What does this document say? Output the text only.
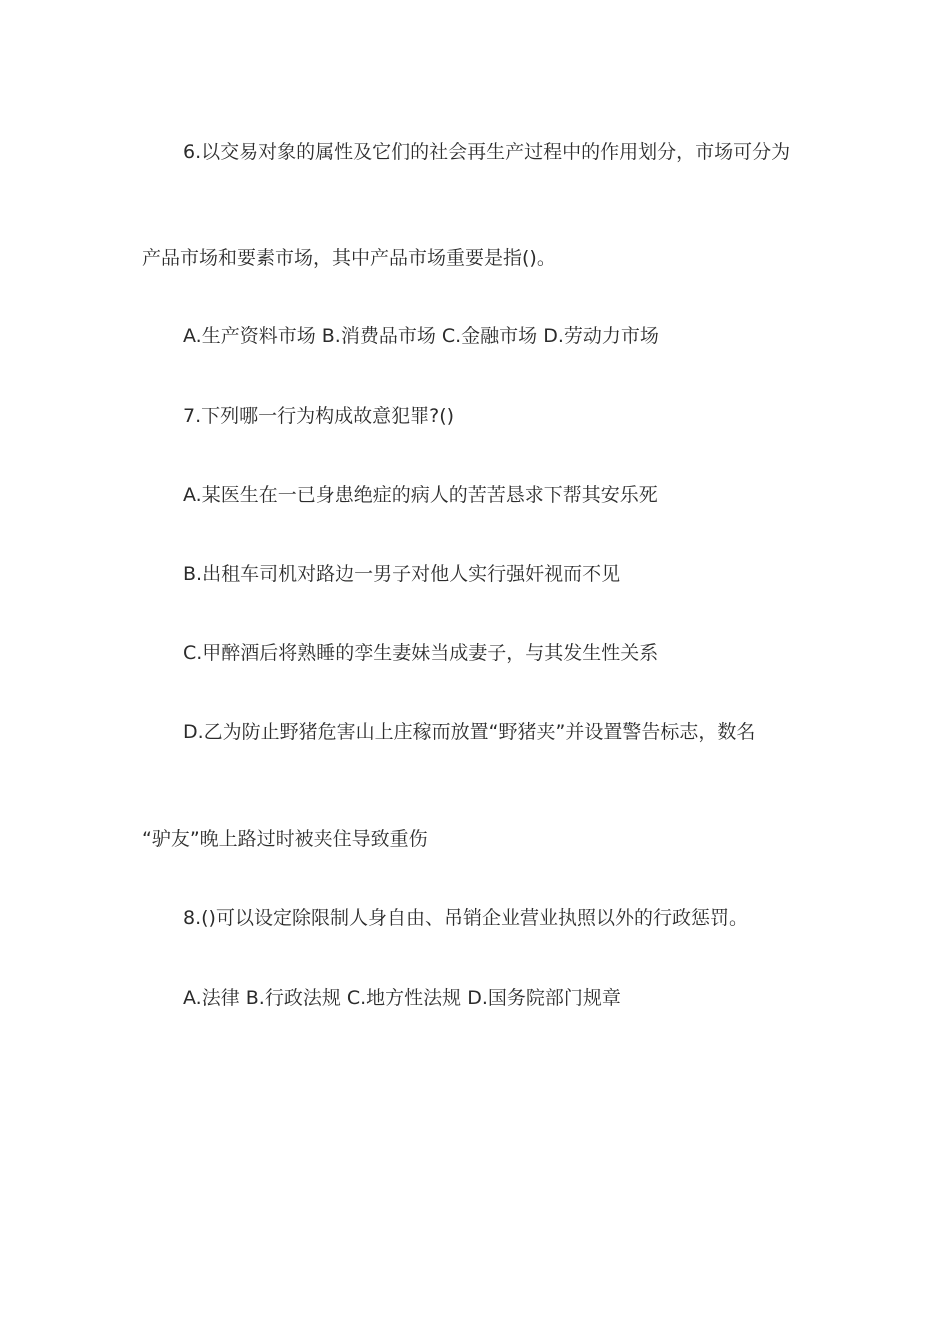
6.以交易对象的属性及它们的社会再生产过程中的作用划分，市场可分为
产品市场和要素市场，其中产品市场重要是指()。
A.生产资料市场 B.消费品市场 C.金融市场 D.劳动力市场
7.下列哪一行为构成故意犯罪?()
A.某医生在一已身患绝症的病人的苦苦恳求下帮其安乐死
B.出租车司机对路边一男子对他人实行强奸视而不见
C.甲醉酒后将熟睡的孪生妻妹当成妻子，与其发生性关系
D.乙为防止野猪危害山上庄稼而放置“野猪夹”并设置警告标志，数名
“驴友”晚上路过时被夹住导致重伤
8.()可以设定除限制人身自由、吊销企业营业执照以外的行政惩罚。
A.法律 B.行政法规 C.地方性法规 D.国务院部门规章
